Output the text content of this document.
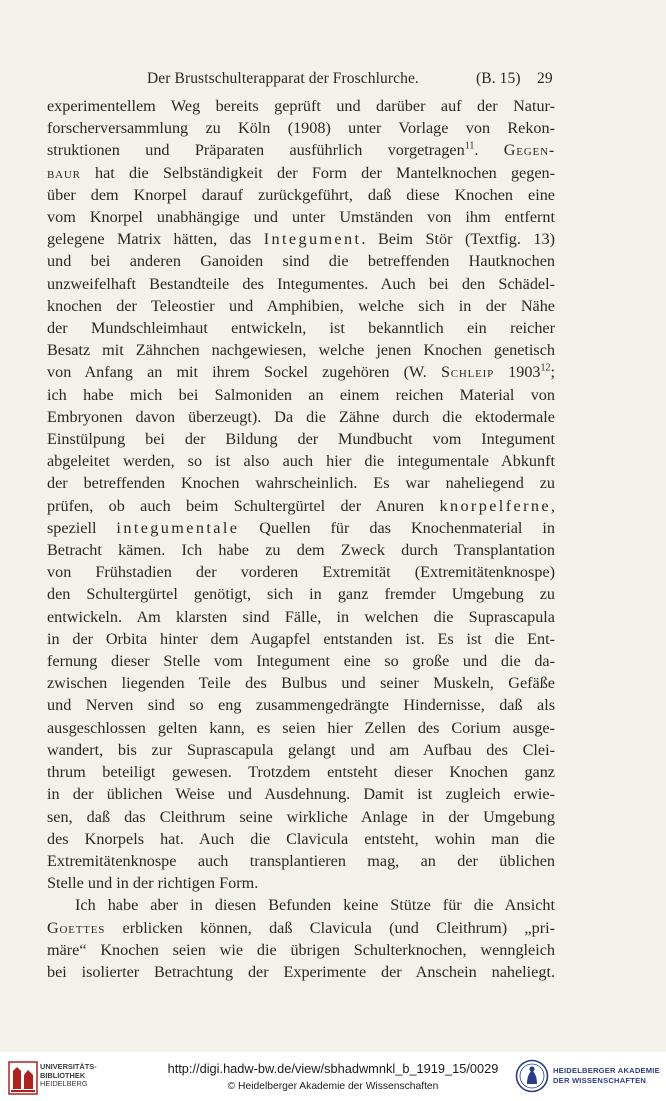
Der Brustschulterapparat der Froschlurche.	(B. 15) 29

experimentellem Weg bereits geprüft und darüber auf der Natur-
forscherversammlung zu Köln (1908) unter Vorlage von Rekon-
struktionen und Präparaten ausführlich vorgetragen$^{11}$. Gegen-
baur hat die Selbständigkeit der Form der Mantelknochen gegen-
über dem Knorpel darauf zurückgeführt, daß diese Knochen eine
vom Knorpel unabhängige und unter Umständen von ihm entfernt
gelegene Matrix hätten, das Integument. Beim Stör (Textfig. 13)
und bei anderen Ganoiden sind die betreffenden Hautknochen
unzweifelhaft Bestandteile des Integumentes. Auch bei den Schädel-
knochen der Teleostier und Amphibien, welche sich in der Nähe
der Mundschleimhaut entwickeln, ist bekanntlich ein reicher
Besatz mit Zähnchen nachgewiesen, welche jenen Knochen genetisch
von Anfang an mit ihrem Sockel zugehören (W. Schleip 1903$^{12}$;
ich habe mich bei Salmoniden an einem reichen Material von
Embryonen davon überzeugt). Da die Zähne durch die ektodermale
Einstülpung bei der Bildung der Mundbucht vom Integument
abgeleitet werden, so ist also auch hier die integumentale Abkunft
der betreffenden Knochen wahrscheinlich. Es war naheliegend zu
prüfen, ob auch beim Schultergürtel der Anuren knorpelferne,
speziell integumentale Quellen für das Knochenmaterial in
Betracht kämen. Ich habe zu dem Zweck durch Transplantation
von Frühstadien der vorderen Extremität (Extremitätenknospe)
den Schultergürtel genötigt, sich in ganz fremder Umgebung zu
entwickeln. Am klarsten sind Fälle, in welchen die Suprascapula
in der Orbita hinter dem Augapfel entstanden ist. Es ist die Ent-
fernung dieser Stelle vom Integument eine so große und die da-
zwischen liegenden Teile des Bulbus und seiner Muskeln, Gefäße
und Nerven sind so eng zusammengedrängte Hindernisse, daß als
ausgeschlossen gelten kann, es seien hier Zellen des Corium ausge-
wandert, bis zur Suprascapula gelangt und am Aufbau des Clei-
thrum beteiligt gewesen. Trotzdem entsteht dieser Knochen ganz
in der üblichen Weise und Ausdehnung. Damit ist zugleich erwie-
sen, daß das Cleithrum seine wirkliche Anlage in der Umgebung
des Knorpels hat. Auch die Clavicula entsteht, wohin man die
Extremitätenknospe auch transplantieren mag, an der üblichen
Stelle und in der richtigen Form.

Ich habe aber in diesen Befunden keine Stütze für die Ansicht
Goettes erblicken können, daß Clavicula (und Cleithrum) „pri-
märe“ Knochen seien wie die übrigen Schulterknochen, wenngleich
bei isolierter Betrachtung der Experimente der Anschein naheliegt.

UNIVERSITÄTS-
BIBLIOTHEK
HEIDELBERG
http://digi.hadw-bw.de/view/sbhadwmnkl_b_1919_15/0029
© Heidelberger Akademie der Wissenschaften
HEIDELBERGER AKADEMIE
DER WISSENSCHAFTEN
